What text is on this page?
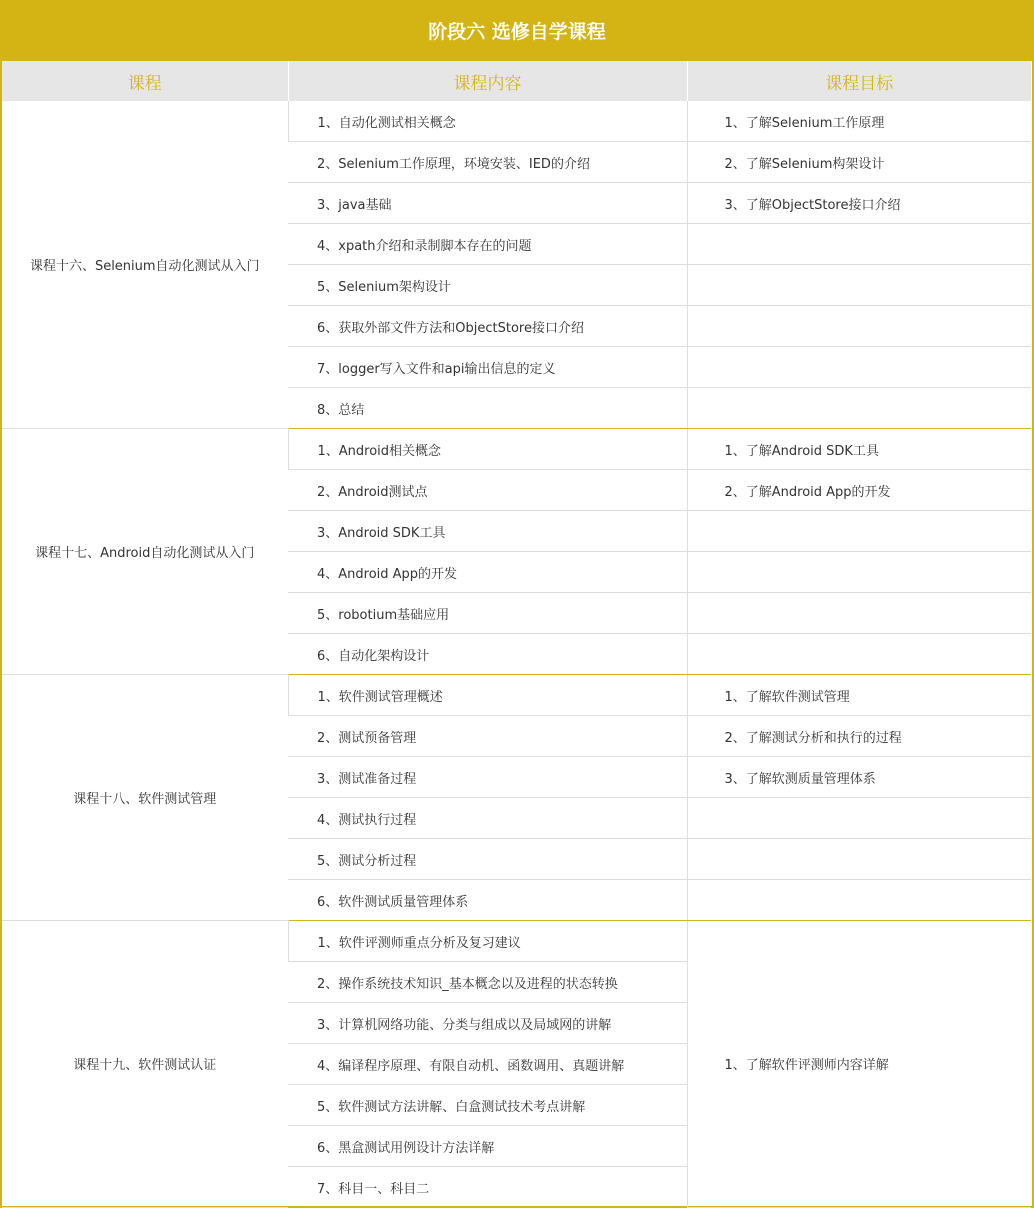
阶段六 选修自学课程
课程	课程内容	课程目标
课程十六、Selenium自动化测试从入门	1、自动化测试相关概念	1、了解Selenium工作原理
	2、Selenium工作原理，环境安装、IED的介绍	2、了解Selenium构架设计
	3、java基础	3、了解ObjectStore接口介绍
	4、xpath介绍和录制脚本存在的问题	
	5、Selenium架构设计	
	6、获取外部文件方法和ObjectStore接口介绍	
	7、logger写入文件和api输出信息的定义	
	8、总结	
课程十七、Android自动化测试从入门	1、Android相关概念	1、了解Android SDK工具
	2、Android测试点	2、了解Android App的开发
	3、Android SDK工具	
	4、Android App的开发	
	5、robotium基础应用	
	6、自动化架构设计	
课程十八、软件测试管理	1、软件测试管理概述	1、了解软件测试管理
	2、测试预备管理	2、了解测试分析和执行的过程
	3、测试准备过程	3、了解软测质量管理体系
	4、测试执行过程	
	5、测试分析过程	
	6、软件测试质量管理体系	
课程十九、软件测试认证	1、软件评测师重点分析及复习建议	1、了解软件评测师内容详解
	2、操作系统技术知识_基本概念以及进程的状态转换	
	3、计算机网络功能、分类与组成以及局域网的讲解	
	4、编译程序原理、有限自动机、函数调用、真题讲解	
	5、软件测试方法讲解、白盒测试技术考点讲解	
	6、黑盒测试用例设计方法详解	
	7、科目一、科目二	
